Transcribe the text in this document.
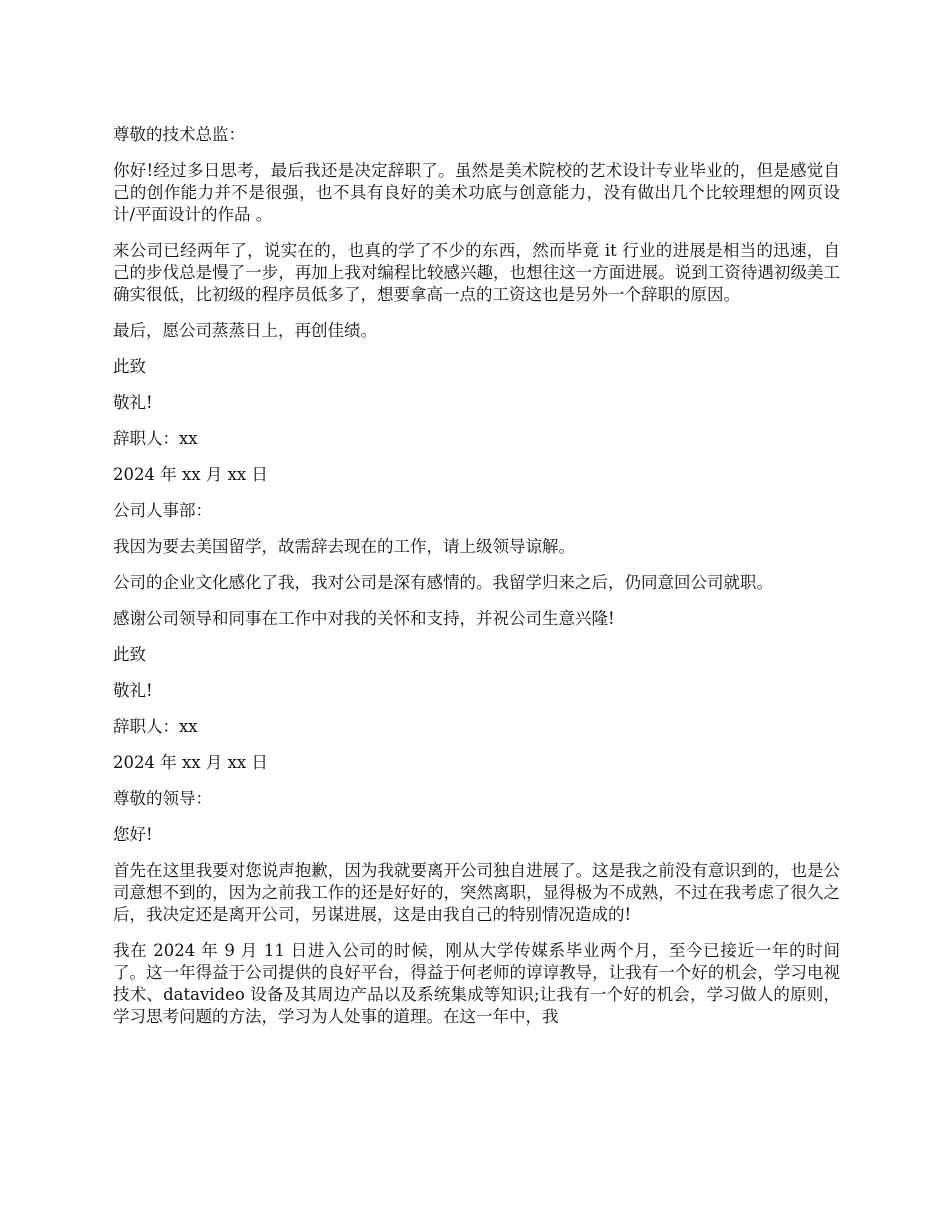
尊敬的技术总监：

你好!经过多日思考，最后我还是决定辞职了。虽然是美术院校的艺术设计专业毕业的，但是感觉自己的创作能力并不是很强，也不具有良好的美术功底与创意能力，没有做出几个比较理想的网页设计/平面设计的作品 。

来公司已经两年了，说实在的，也真的学了不少的东西，然而毕竟 it 行业的进展是相当的迅速，自己的步伐总是慢了一步，再加上我对编程比较感兴趣，也想往这一方面进展。说到工资待遇初级美工确实很低，比初级的程序员低多了，想要拿高一点的工资这也是另外一个辞职的原因。

最后，愿公司蒸蒸日上，再创佳绩。

此致

敬礼!

辞职人：xx

2024 年 xx 月 xx 日

公司人事部：

我因为要去美国留学，故需辞去现在的工作，请上级领导谅解。

公司的企业文化感化了我，我对公司是深有感情的。我留学归来之后，仍同意回公司就职。

感谢公司领导和同事在工作中对我的关怀和支持，并祝公司生意兴隆!

此致

敬礼!

辞职人：xx

2024 年 xx 月 xx 日

尊敬的领导：

您好!

首先在这里我要对您说声抱歉，因为我就要离开公司独自进展了。这是我之前没有意识到的，也是公司意想不到的，因为之前我工作的还是好好的，突然离职，显得极为不成熟，不过在我考虑了很久之后，我决定还是离开公司，另谋进展，这是由我自己的特别情况造成的!

我在 2024 年 9 月 11 日进入公司的时候，刚从大学传媒系毕业两个月，至今已接近一年的时间了。这一年得益于公司提供的良好平台，得益于何老师的谆谆教导，让我有一个好的机会，学习电视技术、datavideo 设备及其周边产品以及系统集成等知识;让我有一个好的机会，学习做人的原则，学习思考问题的方法，学习为人处事的道理。在这一年中，我
